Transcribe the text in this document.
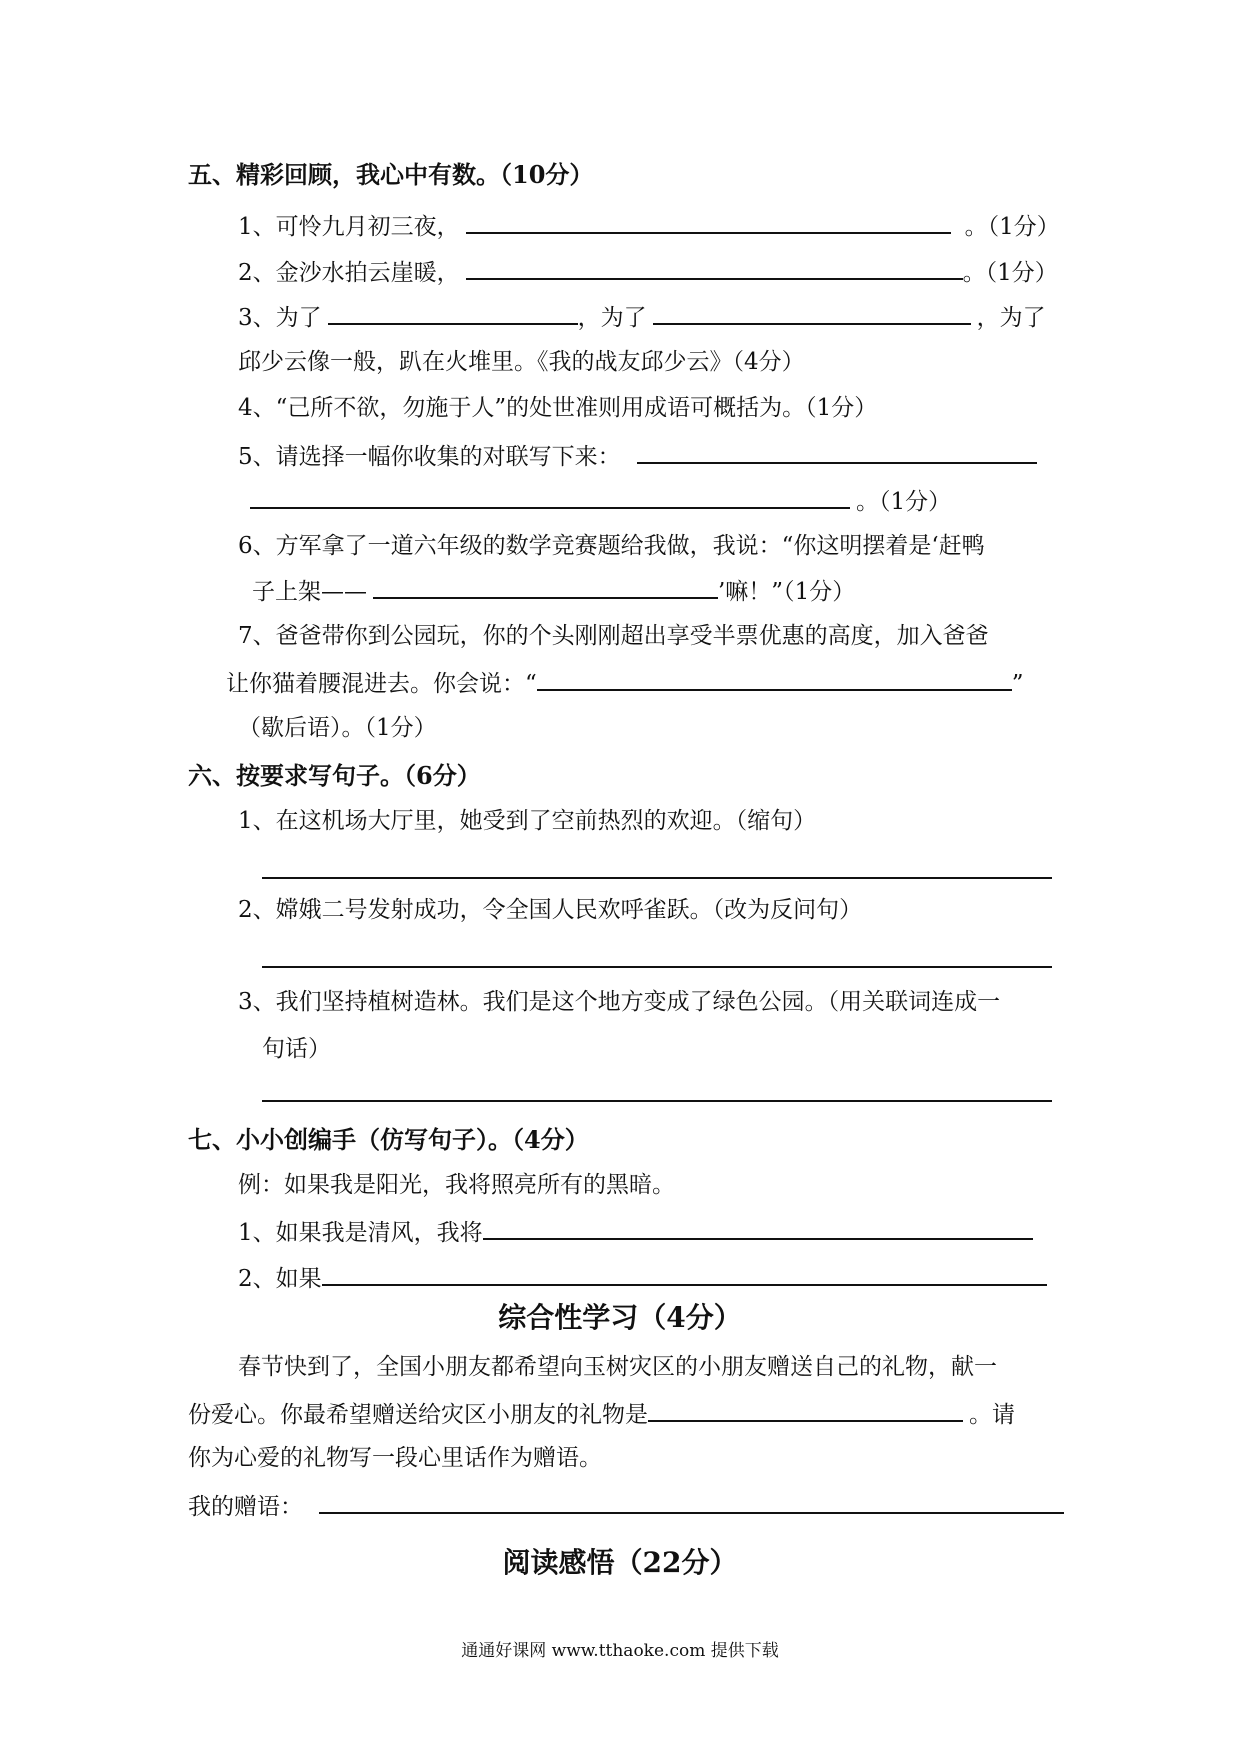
五、精彩回顾，我心中有数。（10分）
1、可怜九月初三夜，	。（1分）
2、金沙水拍云崖暖，	。（1分）
3、为了	，为了	，为了
邱少云像一般，趴在火堆里。《我的战友邱少云》（4分）
4、“己所不欲，勿施于人”的处世准则用成语可概括为。（1分）
5、请选择一幅你收集的对联写下来：
。（1分）
6、方军拿了一道六年级的数学竞赛题给我做，我说：“你这明摆着是‘赶鸭
子上架——	’嘛！”（1分）
7、爸爸带你到公园玩，你的个头刚刚超出享受半票优惠的高度，加入爸爸
让你猫着腰混进去。你会说：“	”
（歇后语）。（1分）
六、按要求写句子。（6分）
1、在这机场大厅里，她受到了空前热烈的欢迎。（缩句）
2、嫦娥二号发射成功，令全国人民欢呼雀跃。（改为反问句）
3、我们坚持植树造林。我们是这个地方变成了绿色公园。（用关联词连成一
句话）
七、小小创编手（仿写句子）。（4分）
例：如果我是阳光，我将照亮所有的黑暗。
1、如果我是清风，我将
2、如果
综合性学习（4分）
春节快到了，全国小朋友都希望向玉树灾区的小朋友赠送自己的礼物，献一
份爱心。你最希望赠送给灾区小朋友的礼物是	。请
你为心爱的礼物写一段心里话作为赠语。
我的赠语：
阅读感悟（22分）
通通好课网 www.tthaoke.com 提供下载
